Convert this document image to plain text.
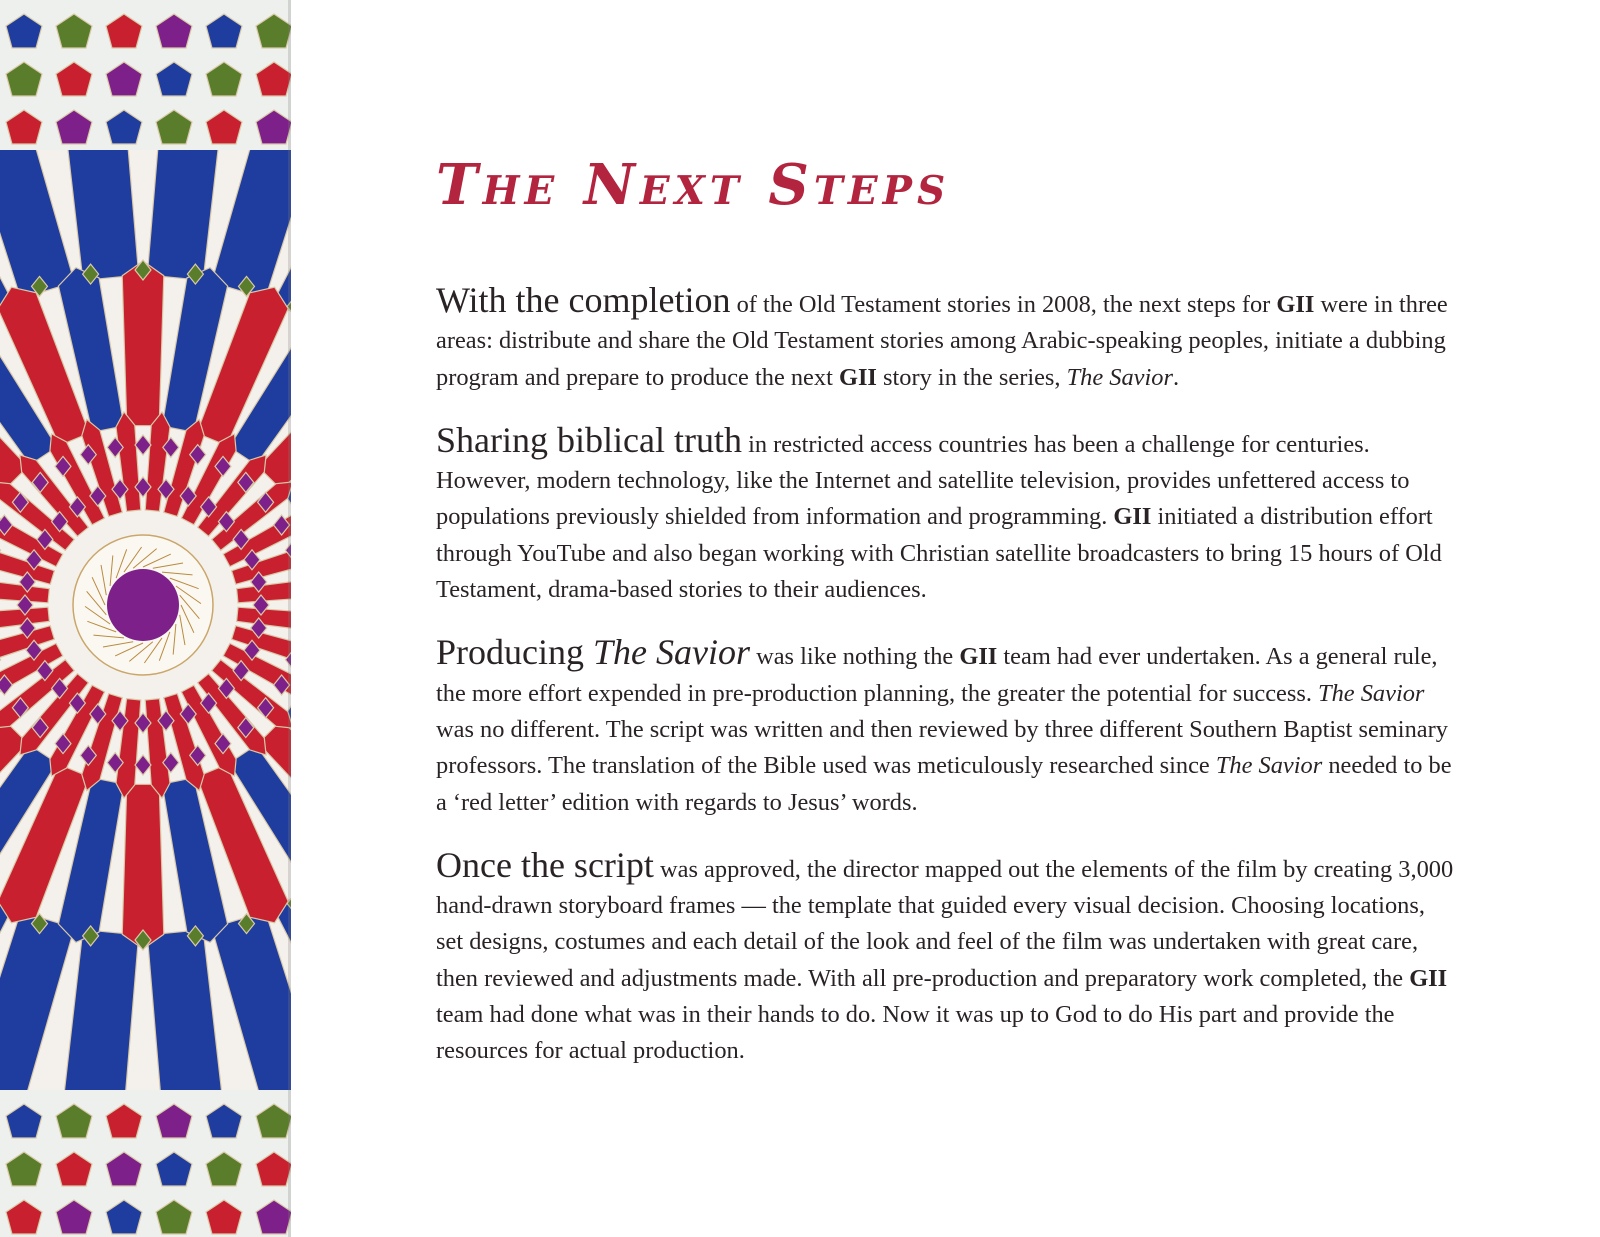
The Next Steps

With the completion of the Old Testament stories in 2008, the next steps for GII were in three areas: distribute and share the Old Testament stories among Arabic-speaking peoples, initiate a dubbing program and prepare to produce the next GII story in the series, The Savior.

Sharing biblical truth in restricted access countries has been a challenge for centuries. However, modern technology, like the Internet and satellite television, provides unfettered access to populations previously shielded from information and programming. GII initiated a distribution effort through YouTube and also began working with Christian satellite broadcasters to bring 15 hours of Old Testament, drama-based stories to their audiences.

Producing The Savior was like nothing the GII team had ever undertaken. As a general rule, the more effort expended in pre-production planning, the greater the potential for success. The Savior was no different. The script was written and then reviewed by three different Southern Baptist seminary professors. The translation of the Bible used was meticulously researched since The Savior needed to be a ‘red letter’ edition with regards to Jesus’ words.

Once the script was approved, the director mapped out the elements of the film by creating 3,000 hand-drawn storyboard frames — the template that guided every visual decision. Choosing locations, set designs, costumes and each detail of the look and feel of the film was undertaken with great care, then reviewed and adjustments made. With all pre-production and preparatory work completed, the GII team had done what was in their hands to do. Now it was up to God to do His part and provide the resources for actual production.
